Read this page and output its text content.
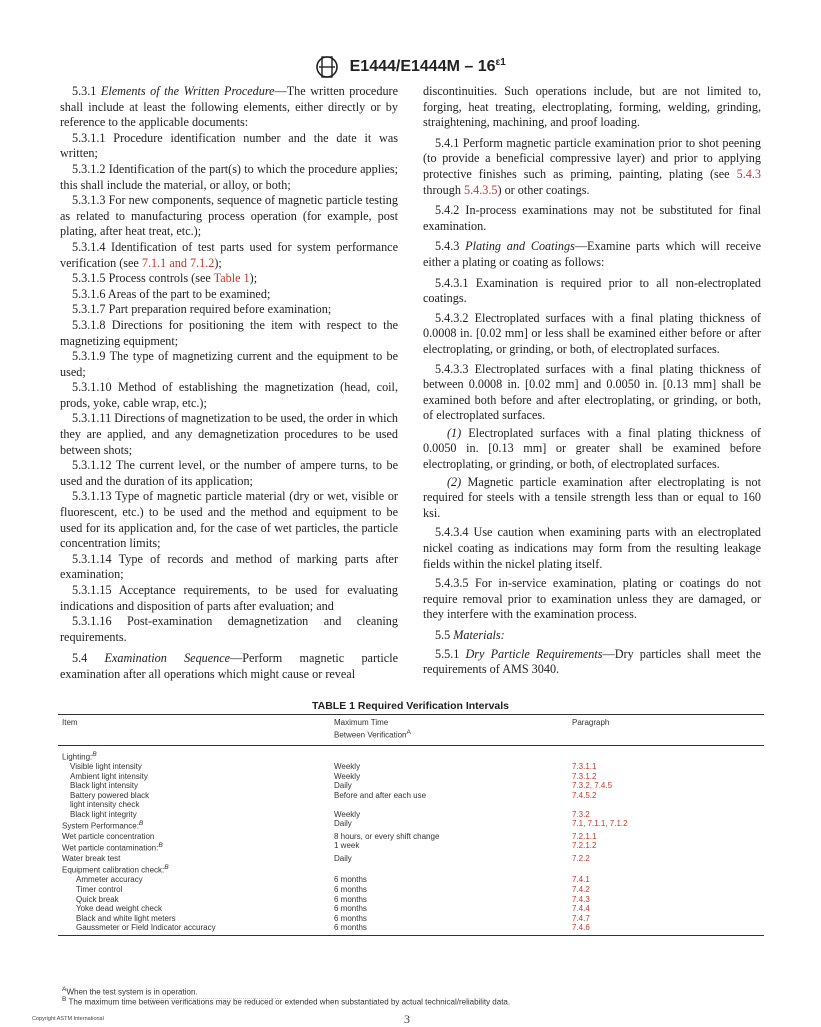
$E1444/E1444M - 16^{\varepsilon 1}$

5.3.1 Elements of the Written Procedure—The written procedure shall include at least the following elements, either directly or by reference to the applicable documents:

5.3.1.1 Procedure identification number and the date it was written;

5.3.1.2 Identification of the part(s) to which the procedure applies; this shall include the material, or alloy, or both;

5.3.1.3 For new components, sequence of magnetic particle testing as related to manufacturing process operation (for example, post plating, after heat treat, etc.);

5.3.1.4 Identification of test parts used for system performance verification (see 7.1.1 and 7.1.2);

5.3.1.5 Process controls (see Table 1);

5.3.1.6 Areas of the part to be examined;

5.3.1.7 Part preparation required before examination;

5.3.1.8 Directions for positioning the item with respect to the magnetizing equipment;

5.3.1.9 The type of magnetizing current and the equipment to be used;

5.3.1.10 Method of establishing the magnetization (head, coil, prods, yoke, cable wrap, etc.);

5.3.1.11 Directions of magnetization to be used, the order in which they are applied, and any demagnetization procedures to be used between shots;

5.3.1.12 The current level, or the number of ampere turns, to be used and the duration of its application;

5.3.1.13 Type of magnetic particle material (dry or wet, visible or fluorescent, etc.) to be used and the method and equipment to be used for its application and, for the case of wet particles, the particle concentration limits;

5.3.1.14 Type of records and method of marking parts after examination;

5.3.1.15 Acceptance requirements, to be used for evaluating indications and disposition of parts after evaluation; and

5.3.1.16 Post-examination demagnetization and cleaning requirements.

5.4 Examination Sequence—Perform magnetic particle examination after all operations which might cause or reveal

discontinuities. Such operations include, but are not limited to, forging, heat treating, electroplating, forming, welding, grinding, straightening, machining, and proof loading.

5.4.1 Perform magnetic particle examination prior to shot peening (to provide a beneficial compressive layer) and prior to applying protective finishes such as priming, painting, plating (see 5.4.3 through 5.4.3.5) or other coatings.

5.4.2 In-process examinations may not be substituted for final examination.

5.4.3 Plating and Coatings—Examine parts which will receive either a plating or coating as follows:

5.4.3.1 Examination is required prior to all non-electroplated coatings.

5.4.3.2 Electroplated surfaces with a final plating thickness of 0.0008 in. [0.02 mm] or less shall be examined either before or after electroplating, or grinding, or both, of electroplated surfaces.

5.4.3.3 Electroplated surfaces with a final plating thickness of between 0.0008 in. [0.02 mm] and 0.0050 in. [0.13 mm] shall be examined both before and after electroplating, or grinding, or both, of electroplated surfaces.

(1) Electroplated surfaces with a final plating thickness of 0.0050 in. [0.13 mm] or greater shall be examined before electroplating, or grinding, or both, of electroplated surfaces.

(2) Magnetic particle examination after electroplating is not required for steels with a tensile strength less than or equal to 160 ksi.

5.4.3.4 Use caution when examining parts with an electroplated nickel coating as indications may form from the resulting leakage fields within the nickel plating itself.

5.4.3.5 For in-service examination, plating or coatings do not require removal prior to examination unless they are damaged, or they interfere with the examination process.

5.5 Materials:

5.5.1 Dry Particle Requirements—Dry particles shall meet the requirements of AMS 3040.

TABLE 1 Required Verification Intervals
Item	Maximum Time
Between Verification$^A$	Paragraph
Lighting:$^B$		
Visible light intensity	Weekly	7.3.1.1
Ambient light intensity	Weekly	7.3.1.2
Black light intensity	Daily	7.3.2, 7.4.5
Battery powered black	Before and after each use	7.4.5.2
light intensity check		
Black light integrity	Weekly	7.3.2
System Performance:$^B$	Daily	7.1, 7.1.1, 7.1.2
Wet particle concentration	8 hours, or every shift change	7.2.1.1
Wet particle contamination:$^B$	1 week	7.2.1.2
Water break test	Daily	7.2.2
Equipment calibration check:$^B$		
Ammeter accuracy	6 months	7.4.1
Timer control	6 months	7.4.2
Quick break	6 months	7.4.3
Yoke dead weight check	6 months	7.4.4
Black and white light meters	6 months	7.4.7
Gaussmeter or Field Indicator accuracy	6 months	7.4.6
$^A$When the test system is in operation.
$^B$ The maximum time between verifications may be reduced or extended when substantiated by actual technical/reliability data.
Copyright ASTM International	3
